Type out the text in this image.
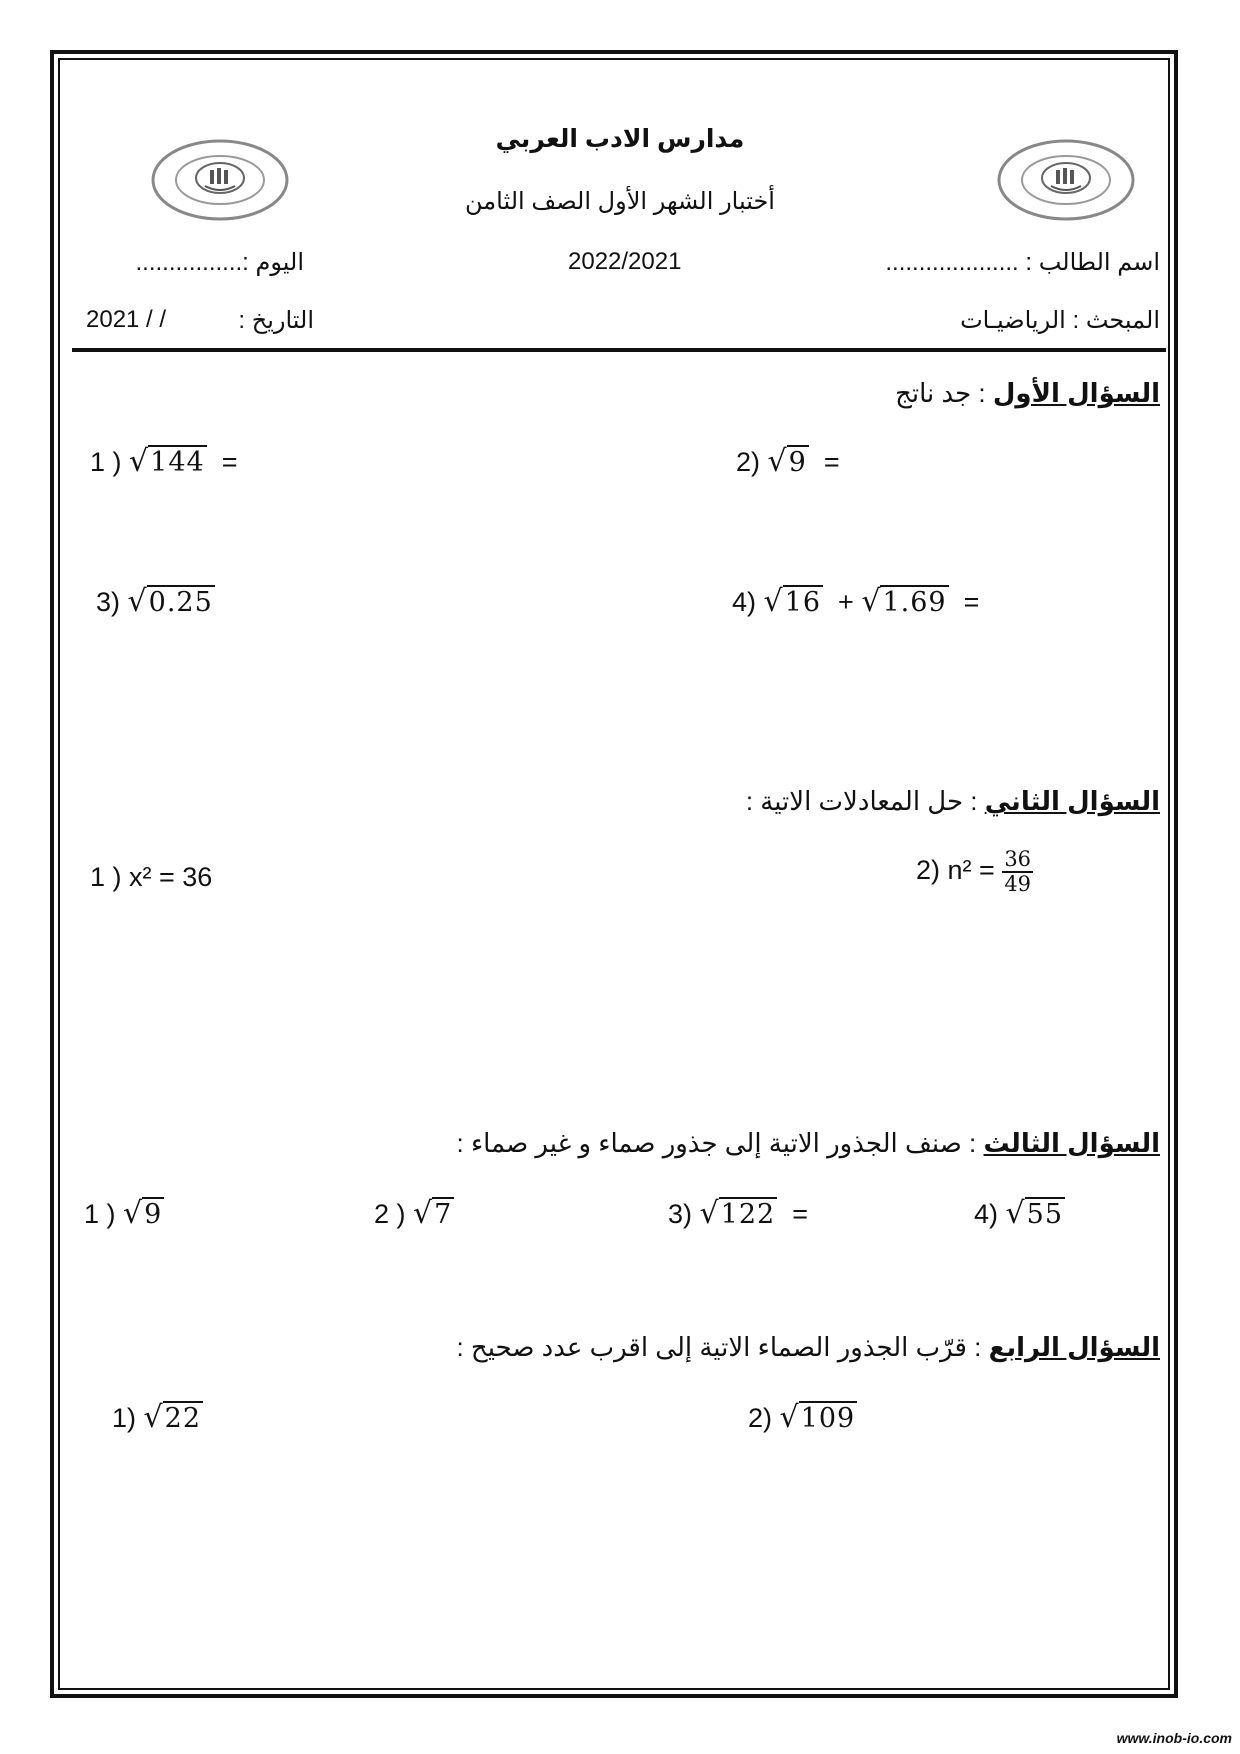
مدارس الادب العربي
أختبار الشهر الأول الصف الثامن
اسم الطالب : ....................
2022/2021
اليوم :................
المبحث : الرياضيـات
التاريخ :
2021 / /
السؤال الأول : جد ناتج
1 ) √144 =	2) √9 =
3) √0.25	4) √16 + √1.69 =
السؤال الثاني : حل المعادلات الاتية :
1 ) x² = 36	2) $n^2 = \frac{36}{49}$
السؤال الثالث : صنف الجذور الاتية إلى جذور صماء و غير صماء :
1 ) √9	2 ) √7	3) √122 =	4) √55
السؤال الرابع : قرّب الجذور الصماء الاتية إلى اقرب عدد صحيح :
1) √22	2) √109
www.inob-io.com
